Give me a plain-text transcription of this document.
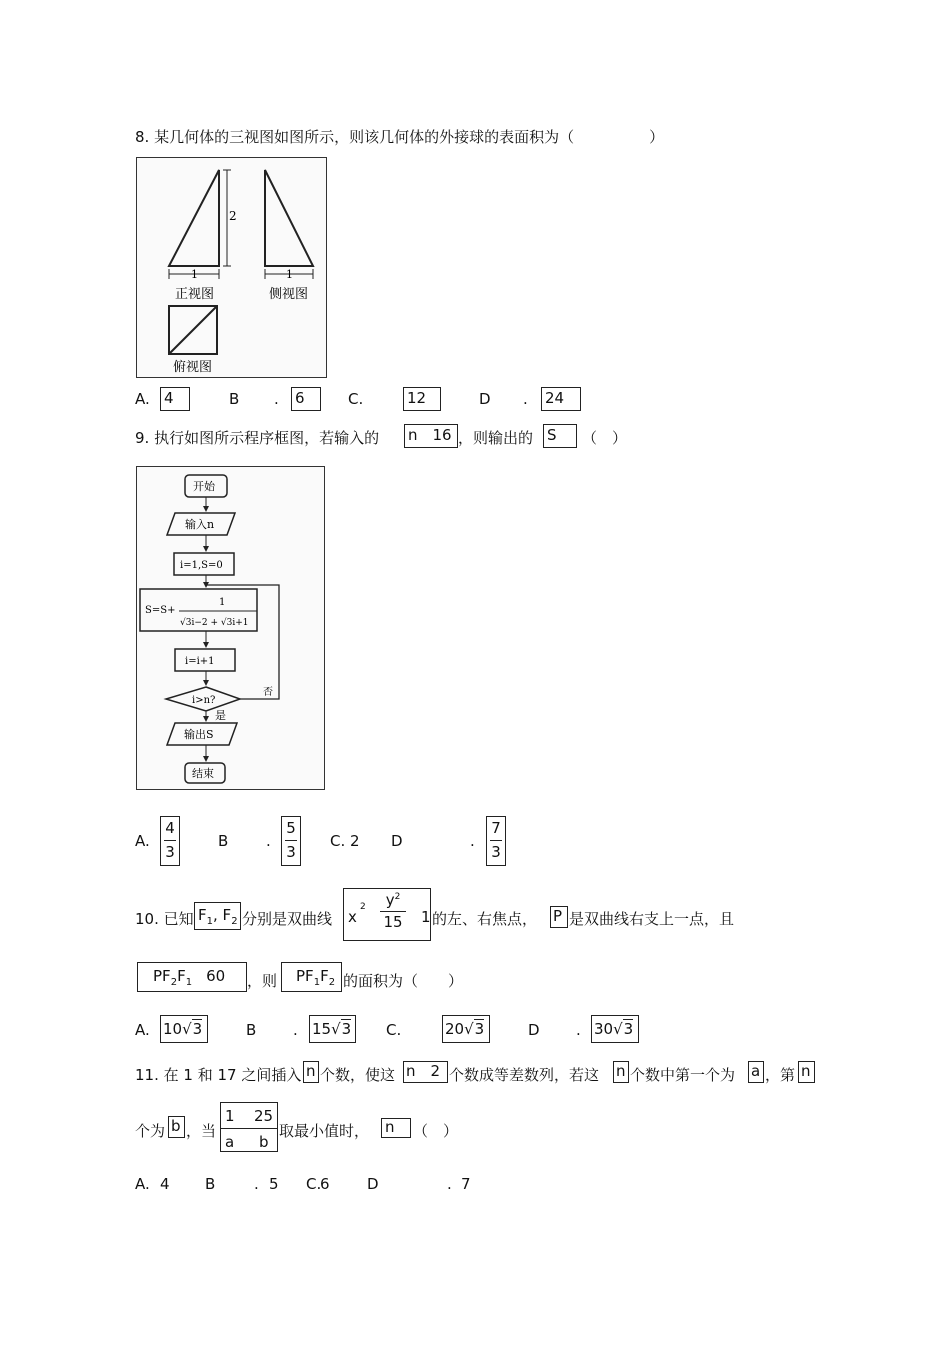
8. 某几何体的三视图如图所示，则该几何体的外接球的表面积为（　　　　　）
2
1
正视图
1
侧视图
俯视图
A. 4	B . 6	C.	12	D . 24
9. 执行如图所示程序框图，若输入的 n　16 ，则输出的 S	（　）
开始
输入n
i=1,S=0
S=S+
1
√3i−2 + √3i+1
i=i+1
i>n?
否
是
输出S
结束
A.
4
3
B	.
5
3
C. 2 D	.
7
3
10. 已知 $F_1$, $F_2$ 分别是双曲线 x
2 $y^2$
15 1 的左、右焦点， P 是双曲线右支上一点，且
$PF_2F_1$ 60	，则	$PF_1F_2$ 的面积为（　　）
A. 10√3	B . 15√3	C.	20√3	D . 30√3
11. 在 1 和 17 之间插入 n 个数，使这 n　2 个数成等差数列，若这 n 个数中第一个为 a ，第 n
个为 b ，当
1 25
a b
取最小值时， n	（　）
A. 4 B	. 5 C.
6 D	. 7
